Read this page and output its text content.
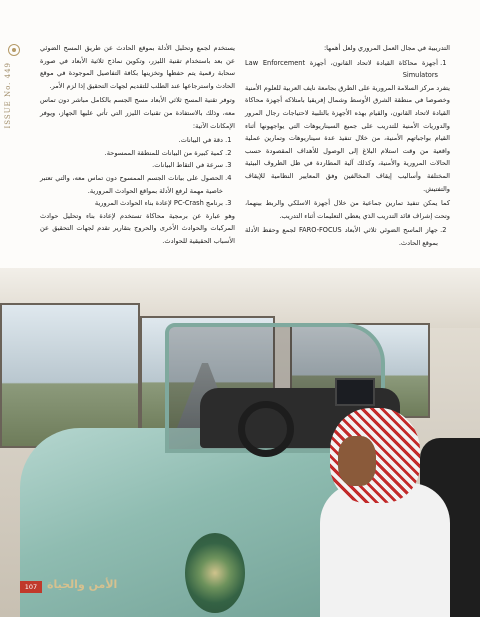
ISSUE No. 449

التدريبية في مجال العمل المروري ولعل أهمها:

1. أجهزة محاكاة القيادة لاتحاد القانون، أجهزة Law Enforcement Simulators

يتفرد مركز السلامة المرورية على الطرق بجامعة نايف العربية للعلوم الأمنية وخصوصا في منطقة الشرق الأوسط وشمال إفريقيا بامتلاكه أجهزة محاكاة القيادة لاتحاد القانون، والقيام بهذه الأجهزة بالتلبية لاحتياجات رجال المرور والدوريات الأمنية للتدريب على جميع السيناريوهات التي يواجهونها أثناء القيام بواجباتهم الأمنية، من خلال تنفيذ عدة سيناريوهات وتمارين عملية واقعية من وقت استلام البلاغ إلى الوصول للأهداف المقصودة حسب الحالات المرورية والأمنية، وكذلك آلية المطاردة في ظل الظروف البيئية المختلفة وأساليب إيقاف المخالفين وفق المعايير النظامية للإيقاف والتفتيش.

كما يمكن تنفيذ تمارين جماعية من خلال أجهزة الاسلكي والربط بينهما، وتحت إشراف قائد التدريب الذي يعطي التعليمات أثناء التدريب.

2. جهاز الماسح الضوئي ثلاثي الأبعاد FARO-FOCUS لجمع وحفظ الأدلة بموقع الحادث.

يستخدم لجمع وتحليل الأدلة بموقع الحادث عن طريق المسح الضوئي عن بعد باستخدام تقنية الليزر، وتكوين نماذج ثلاثية الأبعاد في صورة سحابة رقمية يتم حفظها وتخزينها بكافة التفاصيل الموجودة في موقع الحادث واسترجاعها عند الطلب للتقديم لجهات التحقيق إذا لزم الأمر.

وتوفر تقنية المسح ثلاثي الأبعاد مسح الجسم بالكامل مباشر دون تماس معه، وذلك بالاستفادة من تقنيات الليزر التي تأتي عليها الجهاز، ويوفر الإمكانات الآتية:

1. دقة في البيانات.
2. كمية كبيرة من البيانات للمنطقة الممسوحة.
3. سرعة في التقاط البيانات.
4. الحصول على بيانات الجسم الممسوح دون تماس معه، والتي تعتبر خاصية مهمة لرفع الأدلة بمواقع الحوادث المرورية.
3. برنامج PC-Crash لإعادة بناء الحوادث المرورية

وهو عبارة عن برمجية محاكاة تستخدم لإعادة بناء وتحليل حوادث المركبات والحوادث الأخرى والحروج بتقارير تقدم لجهات التحقيق عن الأسباب الحقيقية للحوادث.

107 الأمن والحياة
